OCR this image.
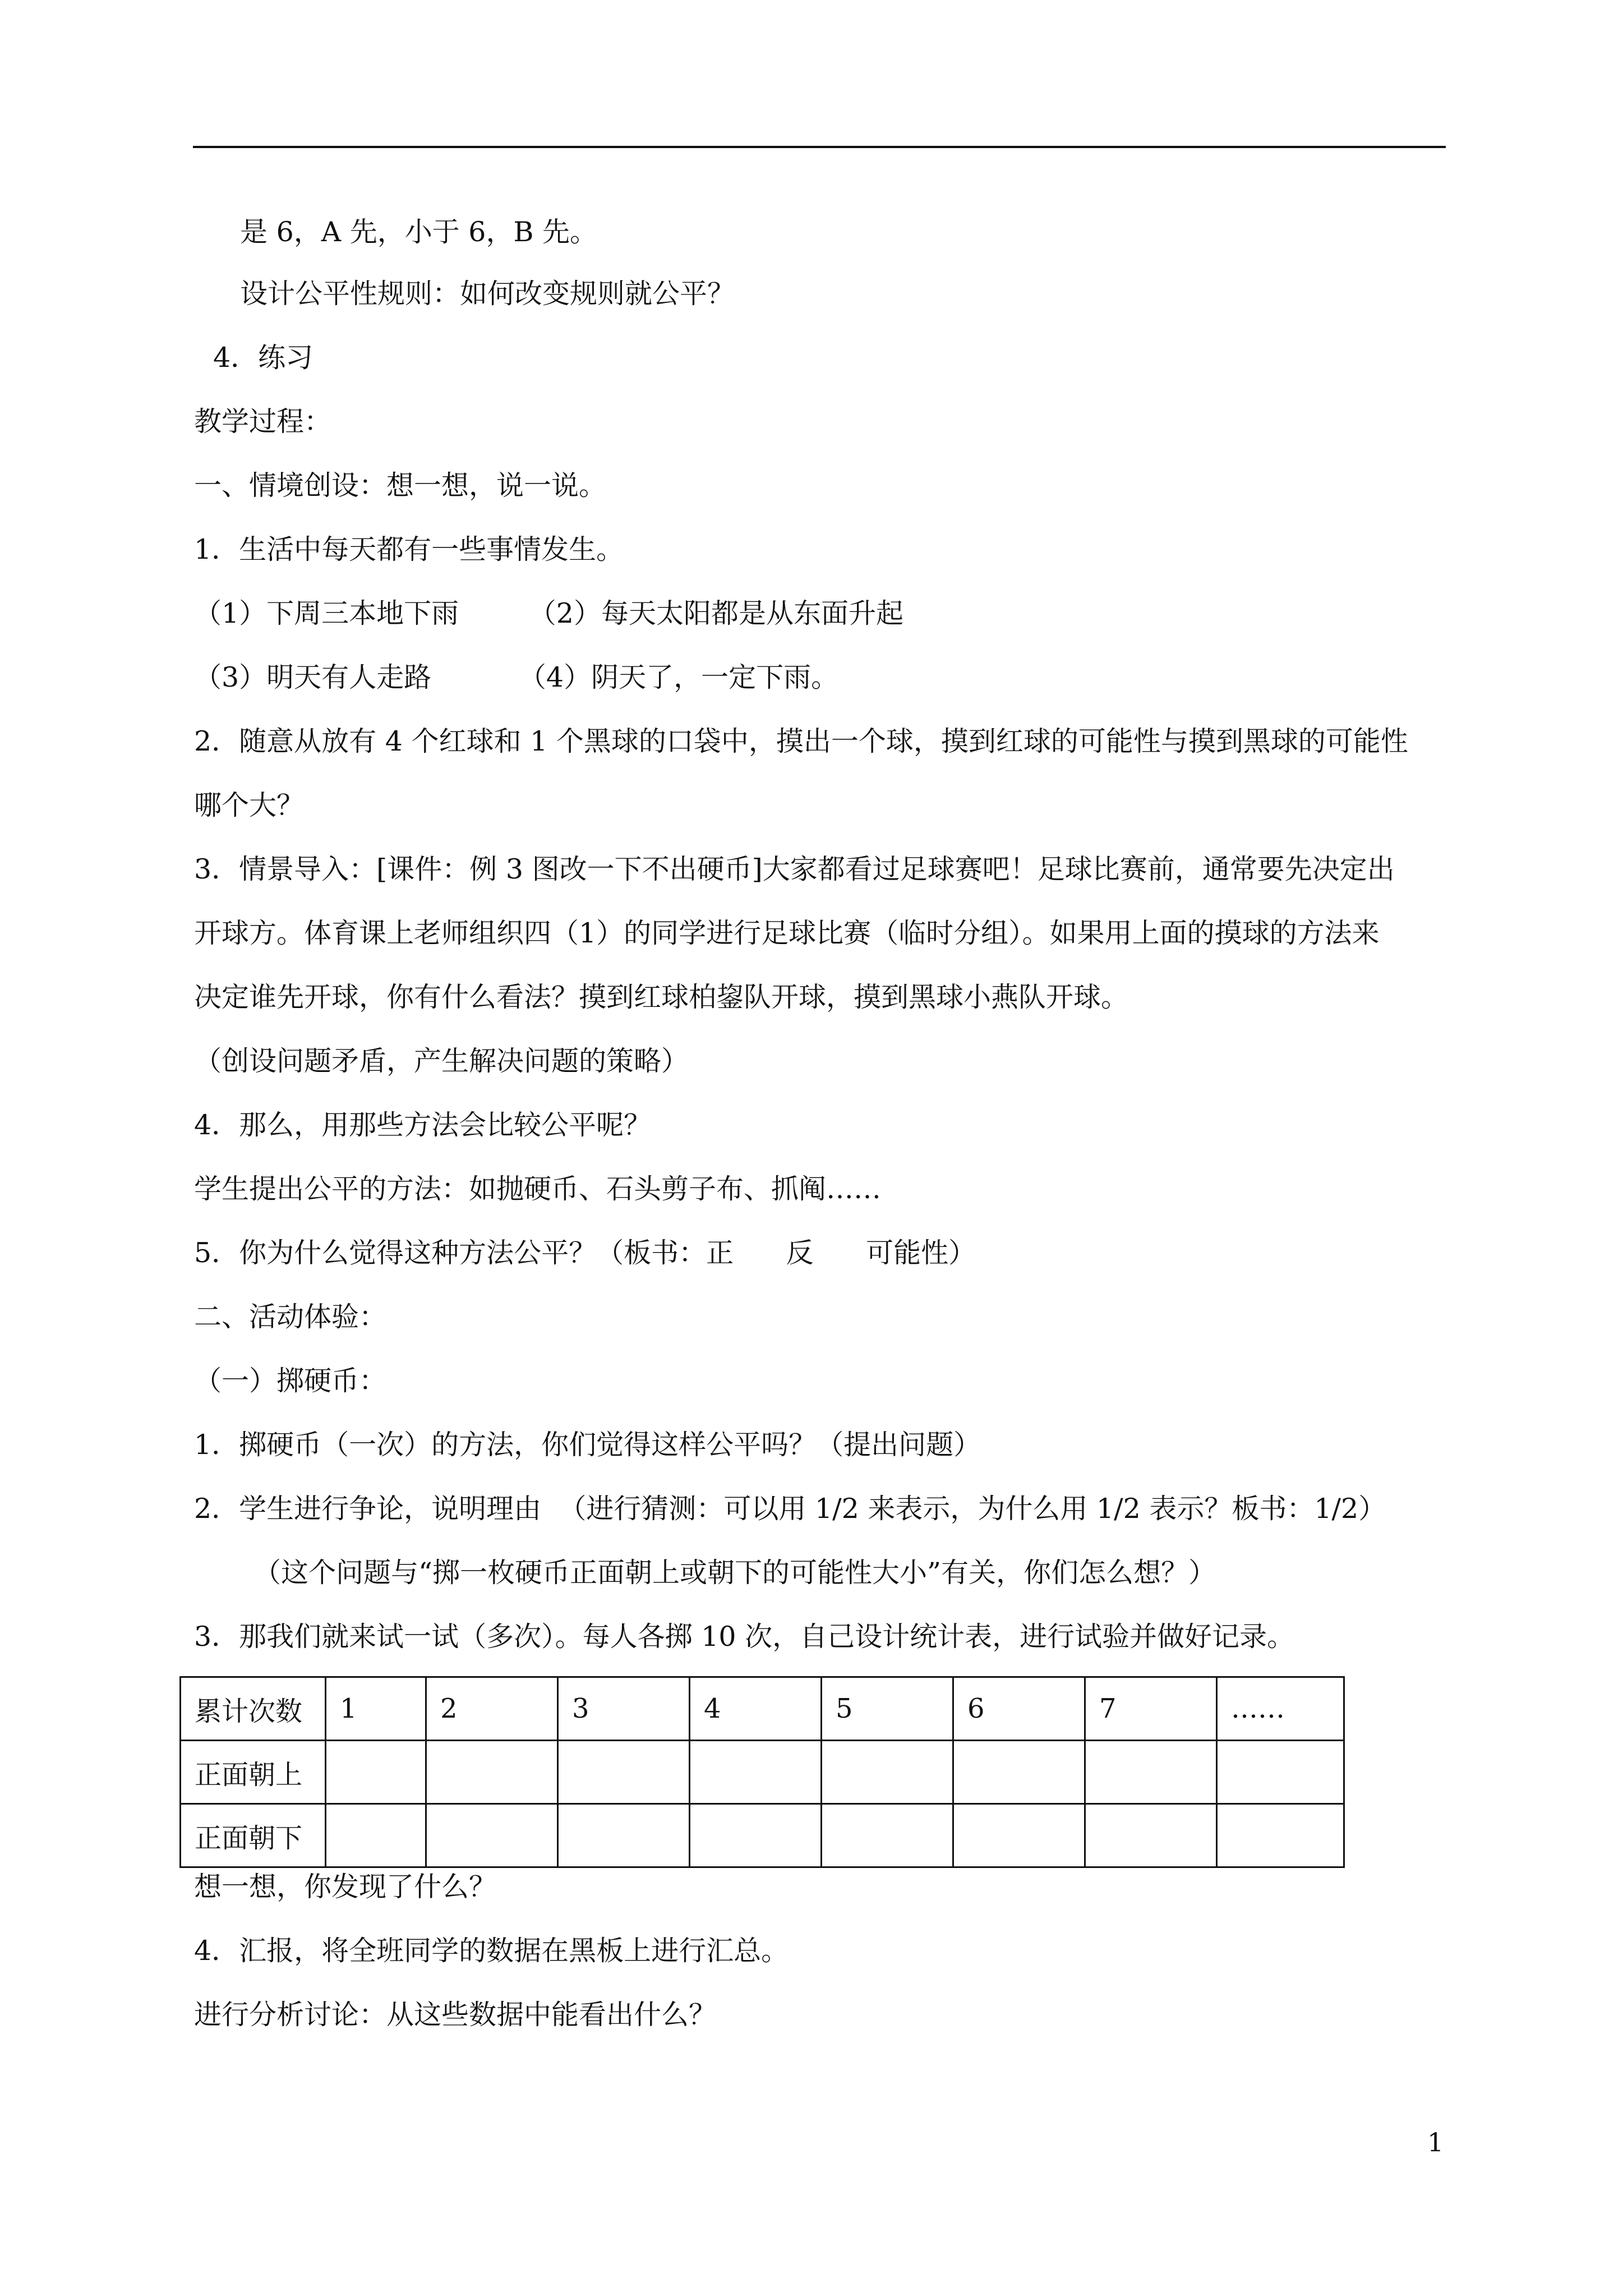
是 6，A 先，小于 6，B 先。
设计公平性规则：如何改变规则就公平？
4．练习
教学过程：
一、情境创设：想一想，说一说。
1．生活中每天都有一些事情发生。
（1）下周三本地下雨        （2）每天太阳都是从东面升起
（3）明天有人走路          （4）阴天了，一定下雨。
2．随意从放有 4 个红球和 1 个黑球的口袋中，摸出一个球，摸到红球的可能性与摸到黑球的可能性
哪个大？
3．情景导入：[课件：例 3 图改一下不出硬币]大家都看过足球赛吧！足球比赛前，通常要先决定出
开球方。体育课上老师组织四（1）的同学进行足球比赛（临时分组）。如果用上面的摸球的方法来
决定谁先开球，你有什么看法？摸到红球柏鋆队开球，摸到黑球小燕队开球。
（创设问题矛盾，产生解决问题的策略）
4．那么，用那些方法会比较公平呢？
学生提出公平的方法：如抛硬币、石头剪子布、抓阄……
5．你为什么觉得这种方法公平？（板书：正      反      可能性）
二、活动体验：
（一）掷硬币：
1．掷硬币（一次）的方法，你们觉得这样公平吗？（提出问题）
2．学生进行争论，说明理由  （进行猜测：可以用 1/2 来表示，为什么用 1/2 表示？板书：1/2）
（这个问题与“掷一枚硬币正面朝上或朝下的可能性大小”有关，你们怎么想？）
3．那我们就来试一试（多次）。每人各掷 10 次，自己设计统计表，进行试验并做好记录。
累计次数	1	2	3	4	5	6	7	……
正面朝上								
正面朝下								
想一想，你发现了什么？
4．汇报，将全班同学的数据在黑板上进行汇总。
进行分析讨论：从这些数据中能看出什么？
1
